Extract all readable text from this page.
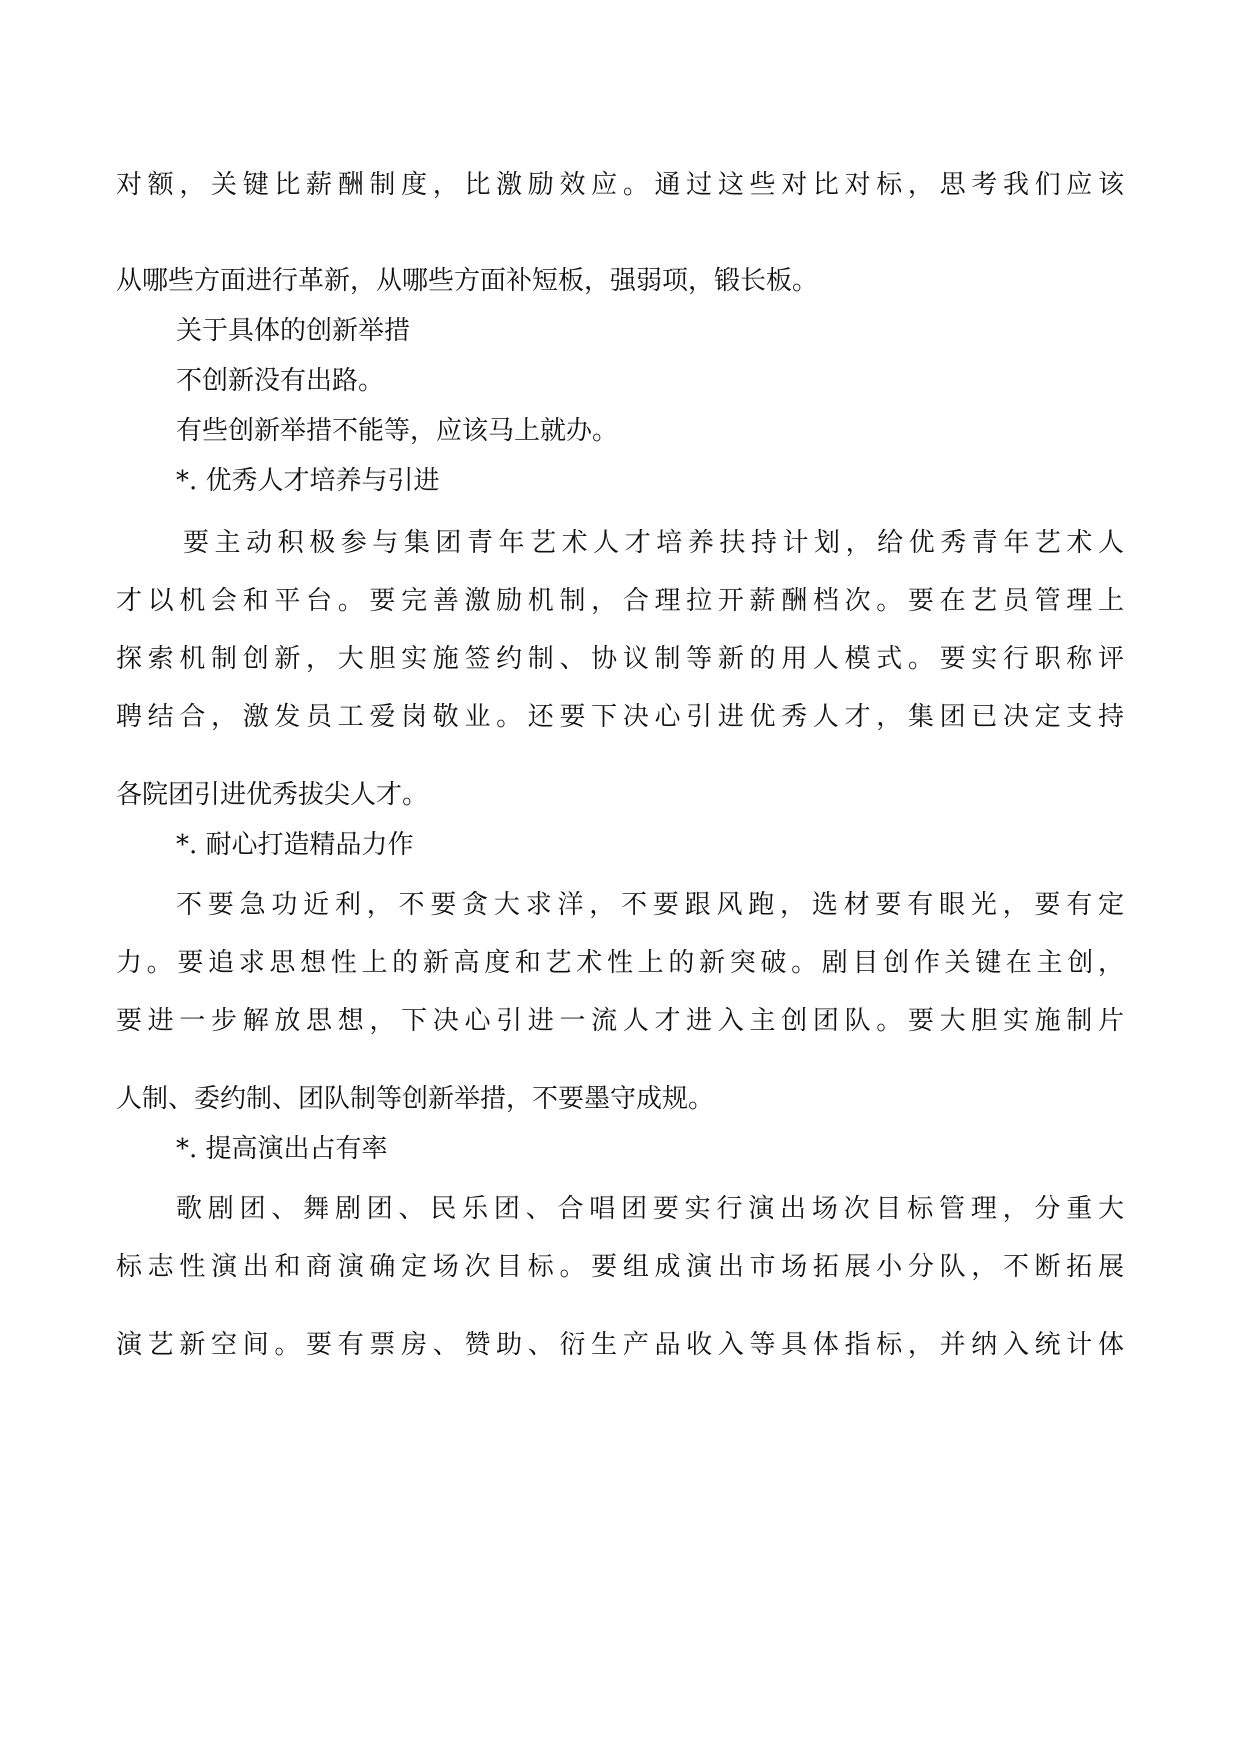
对额，关键比薪酬制度，比激励效应。通过这些对比对标，思考我们应该
从哪些方面进行革新，从哪些方面补短板，强弱项，锻长板。
关于具体的创新举措
不创新没有出路。
有些创新举措不能等，应该马上就办。
*. 优秀人才培养与引进
要主动积极参与集团青年艺术人才培养扶持计划，给优秀青年艺术人
才以机会和平台。要完善激励机制，合理拉开薪酬档次。要在艺员管理上
探索机制创新，大胆实施签约制、协议制等新的用人模式。要实行职称评
聘结合，激发员工爱岗敬业。还要下决心引进优秀人才，集团已决定支持
各院团引进优秀拔尖人才。
*. 耐心打造精品力作
不要急功近利，不要贪大求洋，不要跟风跑，选材要有眼光，要有定
力。要追求思想性上的新高度和艺术性上的新突破。剧目创作关键在主创，
要进一步解放思想，下决心引进一流人才进入主创团队。要大胆实施制片
人制、委约制、团队制等创新举措，不要墨守成规。
*. 提高演出占有率
歌剧团、舞剧团、民乐团、合唱团要实行演出场次目标管理，分重大
标志性演出和商演确定场次目标。要组成演出市场拓展小分队，不断拓展
演艺新空间。要有票房、赞助、衍生产品收入等具体指标，并纳入统计体
